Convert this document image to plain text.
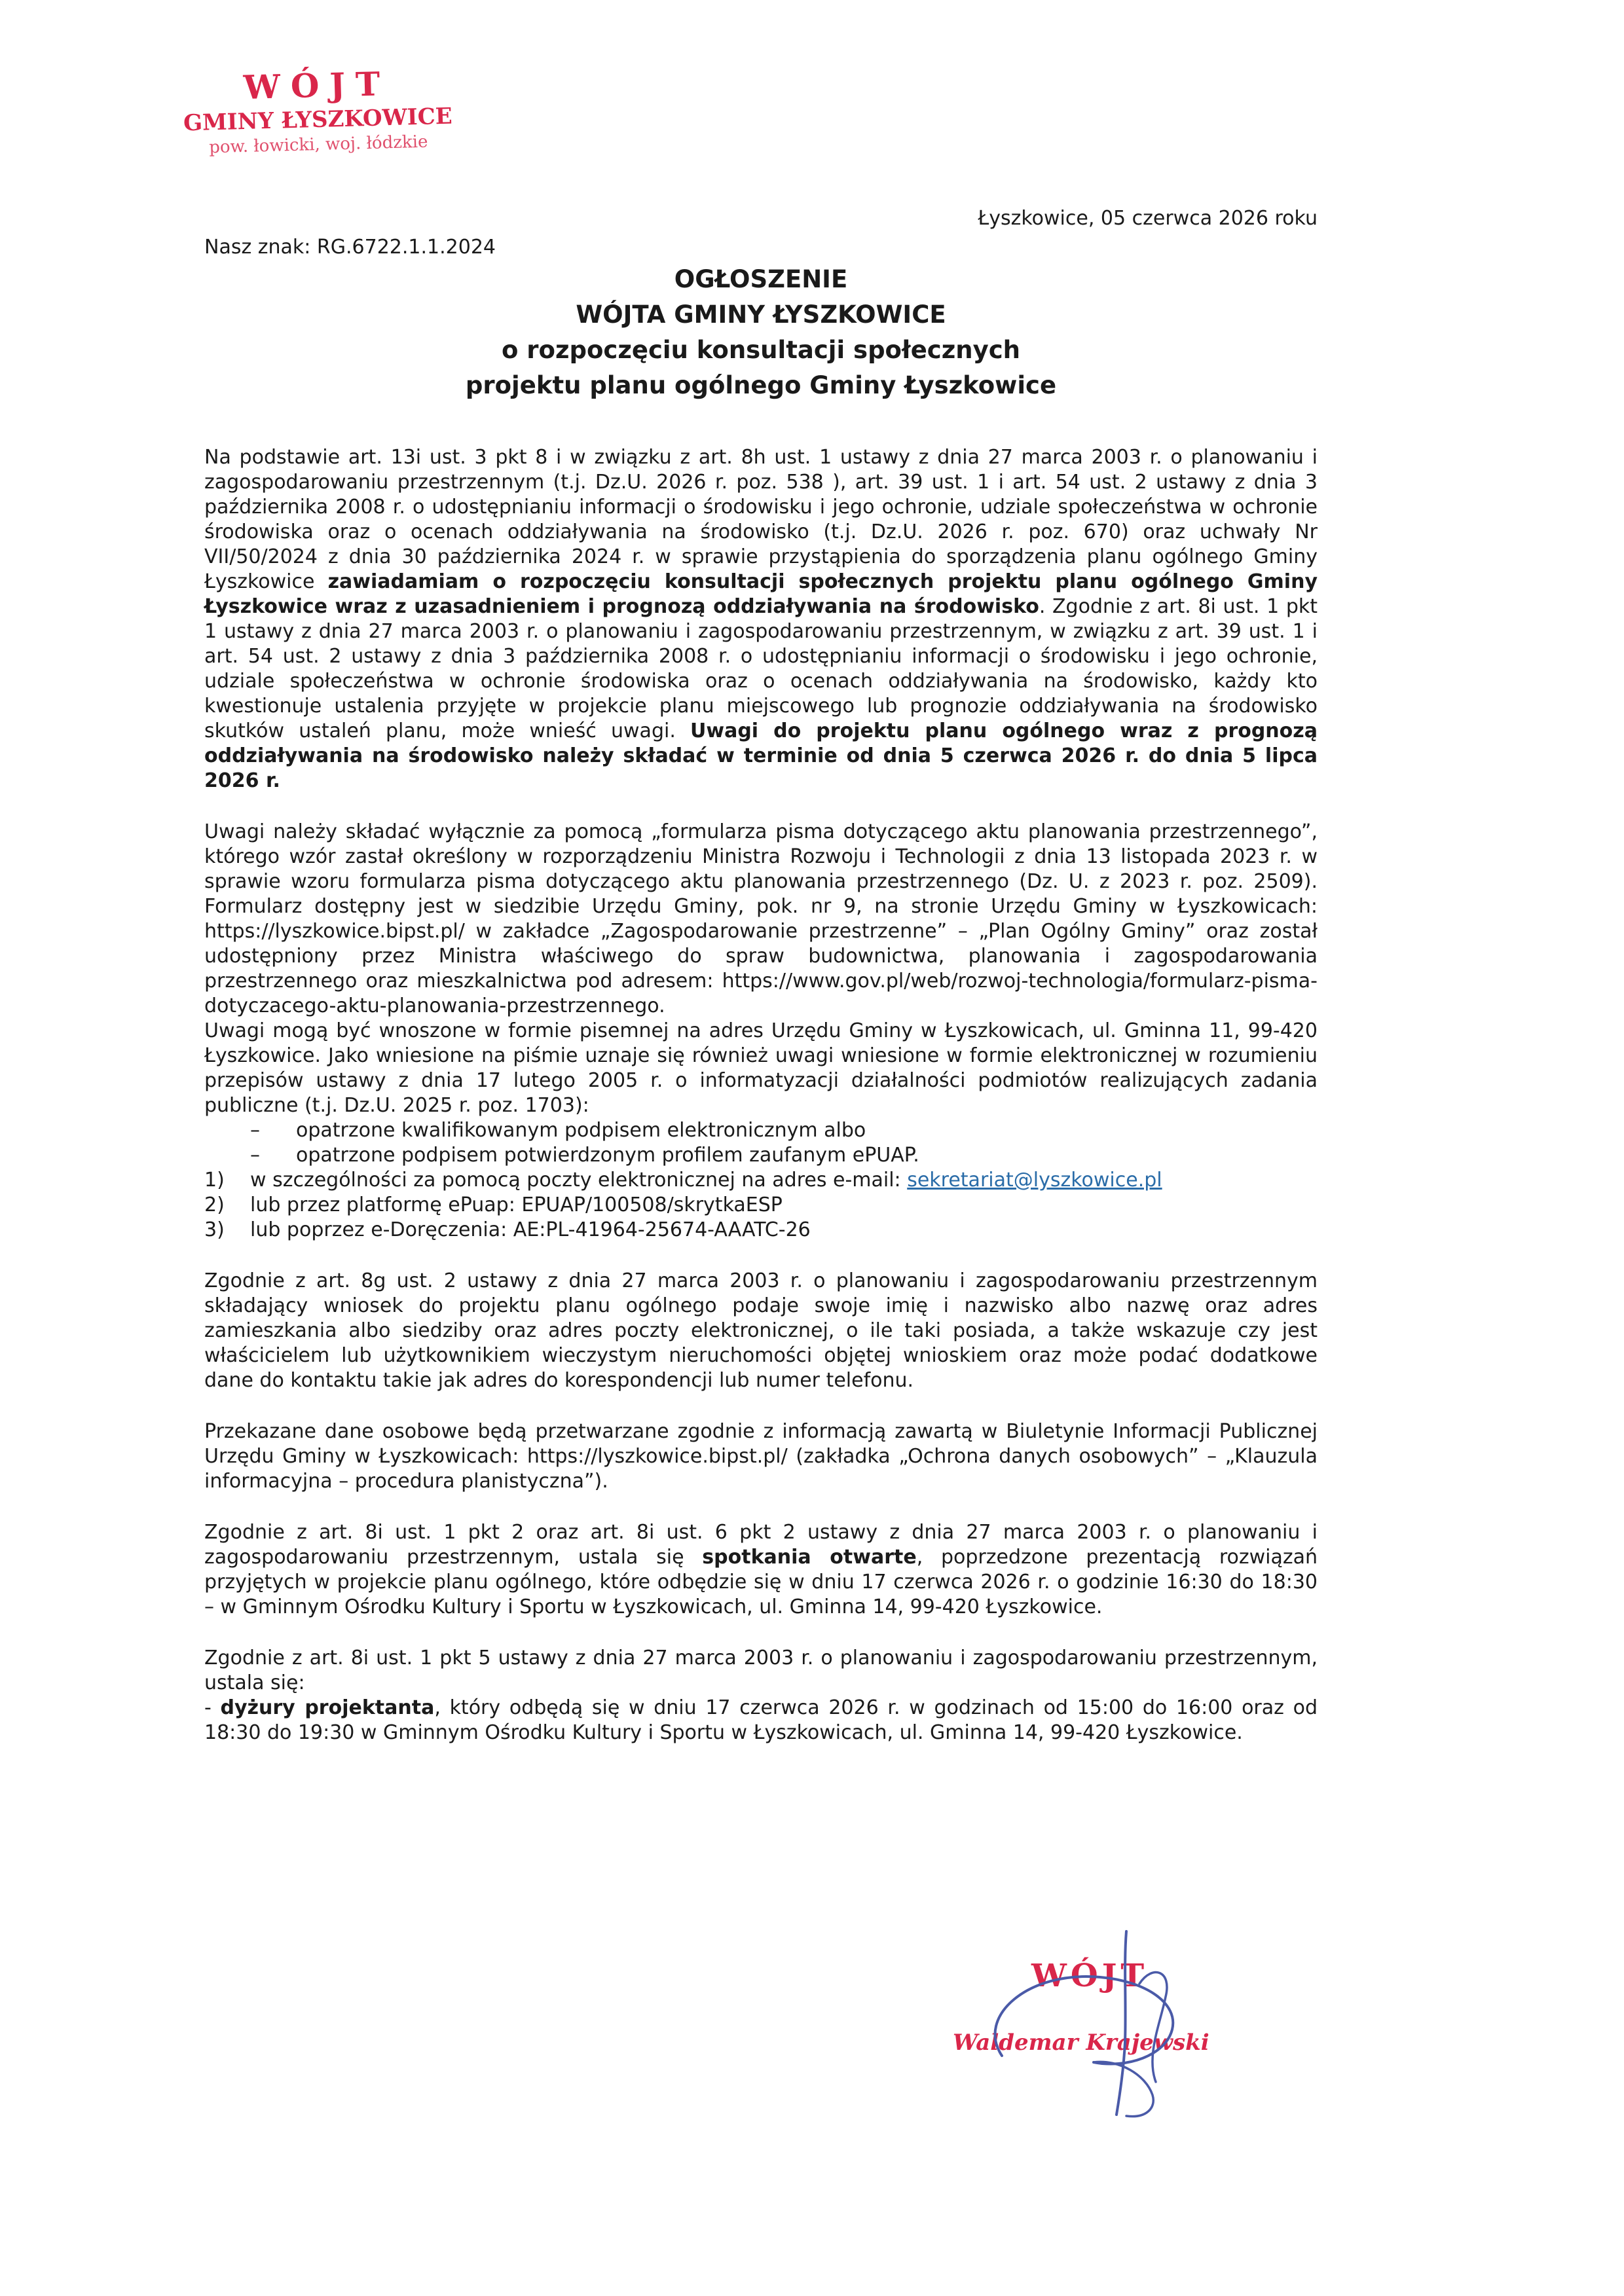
WÓJT
GMINY ŁYSZKOWICE
pow. łowicki, woj. łódzkie
Łyszkowice, 05 czerwca 2026 roku
Nasz znak: RG.6722.1.1.2024
OGŁOSZENIE
WÓJTA GMINY ŁYSZKOWICE
o rozpoczęciu konsultacji społecznych
projektu planu ogólnego Gminy Łyszkowice

Na podstawie art. 13i ust. 3 pkt 8 i w związku z art. 8h ust. 1 ustawy z dnia 27 marca 2003 r. o planowaniu i zagospodarowaniu przestrzennym (t.j. Dz.U. 2026 r. poz. 538 ), art. 39 ust. 1 i art. 54 ust. 2 ustawy z dnia 3 października 2008 r. o udostępnianiu informacji o środowisku i jego ochronie, udziale społeczeństwa w ochronie środowiska oraz o ocenach oddziaływania na środowisko (t.j. Dz.U. 2026 r. poz. 670) oraz uchwały Nr VII/50/2024 z dnia 30 października 2024 r. w sprawie przystąpienia do sporządzenia planu ogólnego Gminy Łyszkowice zawiadamiam o rozpoczęciu konsultacji społecznych projektu planu ogólnego Gminy Łyszkowice wraz z uzasadnieniem i prognozą oddziaływania na środowisko. Zgodnie z art. 8i ust. 1 pkt 1 ustawy z dnia 27 marca 2003 r. o planowaniu i zagospodarowaniu przestrzennym, w związku z art. 39 ust. 1 i art. 54 ust. 2 ustawy z dnia 3 października 2008 r. o udostępnianiu informacji o środowisku i jego ochronie, udziale społeczeństwa w ochronie środowiska oraz o ocenach oddziaływania na środowisko, każdy kto kwestionuje ustalenia przyjęte w projekcie planu miejscowego lub prognozie oddziaływania na środowisko skutków ustaleń planu, może wnieść uwagi. Uwagi do projektu planu ogólnego wraz z prognozą oddziaływania na środowisko należy składać w terminie od dnia 5 czerwca 2026 r. do dnia 5 lipca 2026 r.

Uwagi należy składać wyłącznie za pomocą „formularza pisma dotyczącego aktu planowania przestrzennego”, którego wzór zastał określony w rozporządzeniu Ministra Rozwoju i Technologii z dnia 13 listopada 2023 r. w sprawie wzoru formularza pisma dotyczącego aktu planowania przestrzennego (Dz. U. z 2023 r. poz. 2509). Formularz dostępny jest w siedzibie Urzędu Gminy, pok. nr 9, na stronie Urzędu Gminy w Łyszkowicach: https://lyszkowice.bipst.pl/ w zakładce „Zagospodarowanie przestrzenne” – „Plan Ogólny Gminy” oraz został udostępniony przez Ministra właściwego do spraw budownictwa, planowania i zagospodarowania przestrzennego oraz mieszkalnictwa pod adresem: https://www.gov.pl/web/rozwoj-technologia/formularz-pisma-dotyczacego-aktu-planowania-przestrzennego.

Uwagi mogą być wnoszone w formie pisemnej na adres Urzędu Gminy w Łyszkowicach, ul. Gminna 11, 99-420 Łyszkowice. Jako wniesione na piśmie uznaje się również uwagi wniesione w formie elektronicznej w rozumieniu przepisów ustawy z dnia 17 lutego 2005 r. o informatyzacji działalności podmiotów realizujących zadania publiczne (t.j. Dz.U. 2025 r. poz. 1703):

– opatrzone kwalifikowanym podpisem elektronicznym albo

– opatrzone podpisem potwierdzonym profilem zaufanym ePUAP.

1) w szczególności za pomocą poczty elektronicznej na adres e-mail: sekretariat@lyszkowice.pl

2) lub przez platformę ePuap: EPUAP/100508/skrytkaESP

3) lub poprzez e-Doręczenia: AE:PL-41964-25674-AAATC-26

Zgodnie z art. 8g ust. 2 ustawy z dnia 27 marca 2003 r. o planowaniu i zagospodarowaniu przestrzennym składający wniosek do projektu planu ogólnego podaje swoje imię i nazwisko albo nazwę oraz adres zamieszkania albo siedziby oraz adres poczty elektronicznej, o ile taki posiada, a także wskazuje czy jest właścicielem lub użytkownikiem wieczystym nieruchomości objętej wnioskiem oraz może podać dodatkowe dane do kontaktu takie jak adres do korespondencji lub numer telefonu.

Przekazane dane osobowe będą przetwarzane zgodnie z informacją zawartą w Biuletynie Informacji Publicznej Urzędu Gminy w Łyszkowicach: https://lyszkowice.bipst.pl/ (zakładka „Ochrona danych osobowych” – „Klauzula informacyjna – procedura planistyczna”).

Zgodnie z art. 8i ust. 1 pkt 2 oraz art. 8i ust. 6 pkt 2 ustawy z dnia 27 marca 2003 r. o planowaniu i zagospodarowaniu przestrzennym, ustala się spotkania otwarte, poprzedzone prezentacją rozwiązań przyjętych w projekcie planu ogólnego, które odbędzie się w dniu 17 czerwca 2026 r. o godzinie 16:30 do 18:30 – w Gminnym Ośrodku Kultury i Sportu w Łyszkowicach, ul. Gminna 14, 99-420 Łyszkowice.

Zgodnie z art. 8i ust. 1 pkt 5 ustawy z dnia 27 marca 2003 r. o planowaniu i zagospodarowaniu przestrzennym, ustala się:
- dyżury projektanta, który odbędą się w dniu 17 czerwca 2026 r. w godzinach od 15:00 do 16:00 oraz od 18:30 do 19:30 w Gminnym Ośrodku Kultury i Sportu w Łyszkowicach, ul. Gminna 14, 99-420 Łyszkowice.

WÓJT
Waldemar Krajewski
